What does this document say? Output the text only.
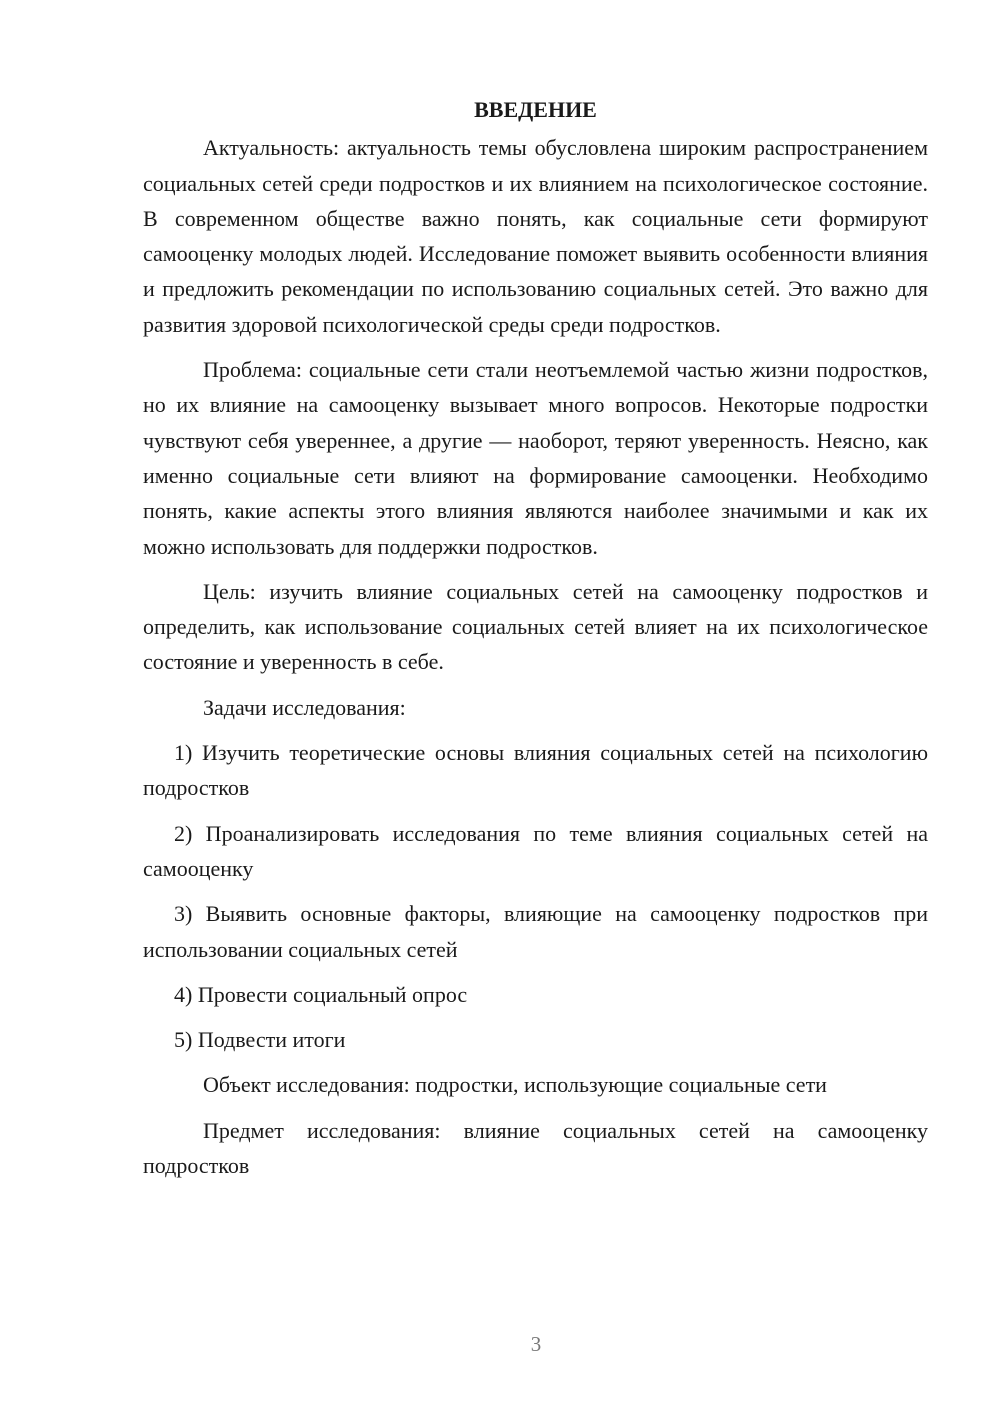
ВВЕДЕНИЕ

Актуальность: актуальность темы обусловлена широким распространением социальных сетей среди подростков и их влиянием на психологическое состояние. В современном обществе важно понять, как социальные сети формируют самооценку молодых людей. Исследование поможет выявить особенности влияния и предложить рекомендации по использованию социальных сетей. Это важно для развития здоровой психологической среды среди подростков.

Проблема: социальные сети стали неотъемлемой частью жизни подростков, но их влияние на самооценку вызывает много вопросов. Некоторые подростки чувствуют себя увереннее, а другие — наоборот, теряют уверенность. Неясно, как именно социальные сети влияют на формирование самооценки. Необходимо понять, какие аспекты этого влияния являются наиболее значимыми и как их можно использовать для поддержки подростков.

Цель: изучить влияние социальных сетей на самооценку подростков и определить, как использование социальных сетей влияет на их психологическое состояние и уверенность в себе.

Задачи исследования:

1) Изучить теоретические основы влияния социальных сетей на психологию подростков

2) Проанализировать исследования по теме влияния социальных сетей на самооценку

3) Выявить основные факторы, влияющие на самооценку подростков при использовании социальных сетей

4) Провести социальный опрос

5) Подвести итоги

Объект исследования: подростки, использующие социальные сети

Предмет исследования: влияние социальных сетей на самооценку подростков

3
